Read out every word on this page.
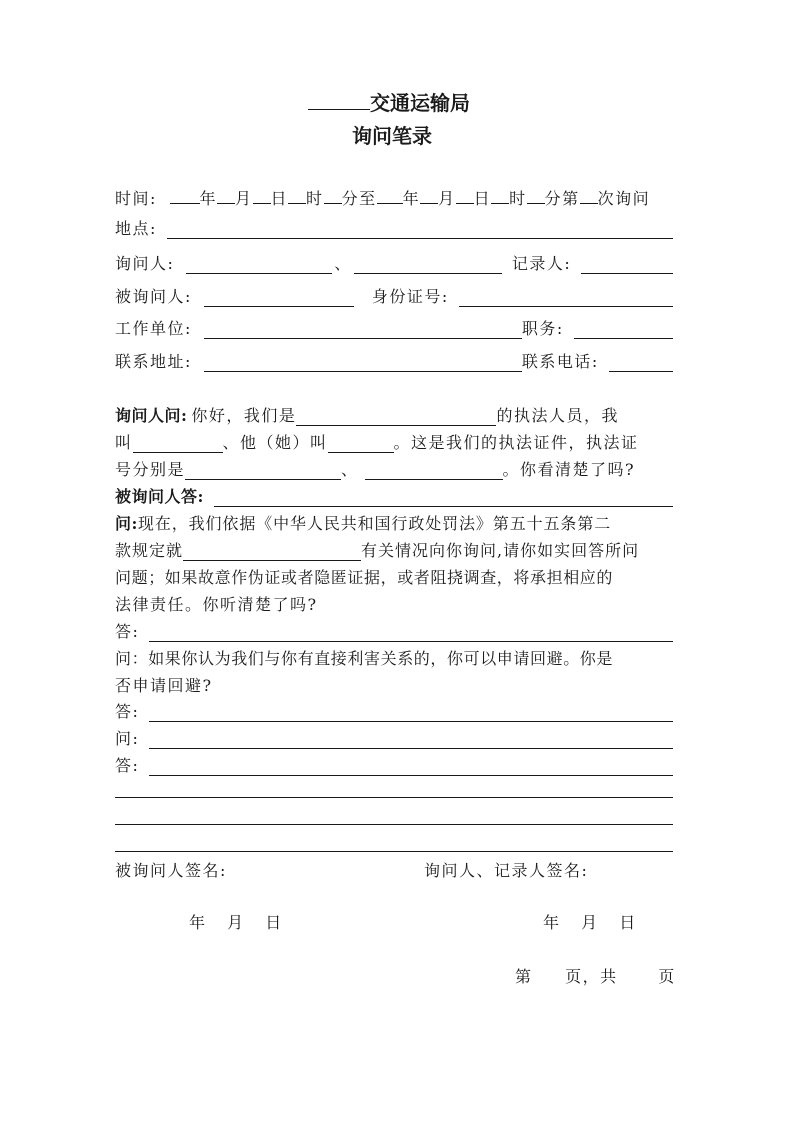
交通运输局
询问笔录
时间:	年 月 日 时 分至 年 月 日 时 分第 次询问
地点:
询问人:	、	记录人:
被询问人:	身份证号:
工作单位:	职务:
联系地址:	联系电话:
询问人问: 你好，我们是	的执法人员，我
叫	、他（她）叫	。这是我们的执法证件，执法证
号分别是	、	。你看清楚了吗?
被询问人答:
问:现在，我们依据《中华人民共和国行政处罚法》第五十五条第二
款规定就	有关情况向你询问,请你如实回答所问
问题；如果故意作伪证或者隐匿证据，或者阻挠调查，将承担相应的
法律责任。你听清楚了吗?
答:
问：如果你认为我们与你有直接利害关系的，你可以申请回避。你是
否申请回避?
答:
问:
答:
被询问人签名:	询问人、记录人签名:
年 月 日	年 月 日
第 页，共	页
